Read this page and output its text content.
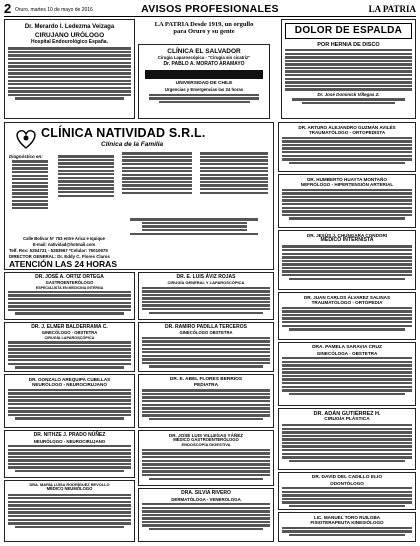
2 Oruro, martes 10 de mayo de 2016	AVISOS PROFESIONALES	LA PATRIA
Dr. Merardo I. Ledezma Veizaga
CIRUJANO URÓLOGO
Hospital Endourológico España.
LA PATRIA Desde 1919, un orgullo
para Oruro y su gente
CLÍNICA EL SALVADOR
Cirugía Laparoscópica - "Cirugía sin cicatriz"
Dr. PABLO A. MORATO ARAMAYO
UNIVERSIDAD DE CHILE
Urgencias y Emergencias las 24 horas
DOLOR DE ESPALDA
POR HERNIA DE DISCO
Dr. José Dominick Villegas Z.
CLÍNICA NATIVIDAD S.R.L.
Clínica de la Familia
Diagnóstico en:
Calle Bolívar N° 753 entre Arica e Iquique
E-mail: natividad@hotmail.com
Telf. Rex: 5254721 - 5283967 *Celular: 76010675
DIRECTOR GENERAL: Dr. Eddy C. Flores Claros
ATENCIÓN LAS 24 HORAS
DR. ARTURO ALEJANDRO GUZMÁN AVILÉS
TRAUMATÓLOGO - ORTOPEDISTA
DR. HUMBERTO HUAYTA MONTAÑO
NEFRÓLOGO - HIPERTENSIÓN ARTERIAL
DR. JESÚS J. CHUNGARA CONDORI
MÉDICO INTERNISTA
DR. JUAN CARLOS ÁLVAREZ SALINAS
TRAUMATÓLOGO - ORTOPEDIA
DR. JOSÉ A. ORTIZ ORTEGA
GASTROENTERÓLOGO
ESPECIALISTA EN MEDICINA INTERNA
DR. E. LUIS ÁVIZ ROJAS
CIRUGÍA GENERAL Y LAPAROSCÓPICA
DRA. PAMELA SARAVIA CRUZ
GINECÓLOGA - OBSTETRA
DR. J. ELMER BALDERRAMA C.
GINECÓLOGO - OBSTETRA
CIRUGÍA LAPAROSCÓPICA
DR. RAMIRO PADILLA TERCEROS
GINECÓLOGO OBSTETRA
DR. GONZALO AREQUIPA CUBILLAS
NEURÓLOGO - NEUROCIRUJANO
DR. E. ABEL FLORES BERRIOS
PEDIATRA
DR. ADÁN GUTIÉRREZ H.
CIRUGÍA PLÁSTICA
DR. NITHZE J. PRADO NÚÑEZ
NEURÓLOGO - NEUROCIRUJANO
DR. JOSÉ LUIS VILLEGAS YÁÑEZ
MÉDICO GASTROENTERÓLOGO
ENDOSCOPÍA DIGESTIVA
DR. DAVID DEL CADILLO ELIO
ODONTÓLOGO
DRA. MARÍA LUISA RODRÍGUEZ REVOLLO
MÉDICO NEUMÓLOGO
DRA. SILVIA RIVERO
DERMATÓLOGA - VENEROLOGA
LIC. MANUEL TORO RUILOBA
FISIOTERAPEUTA KINESIÓLOGO
